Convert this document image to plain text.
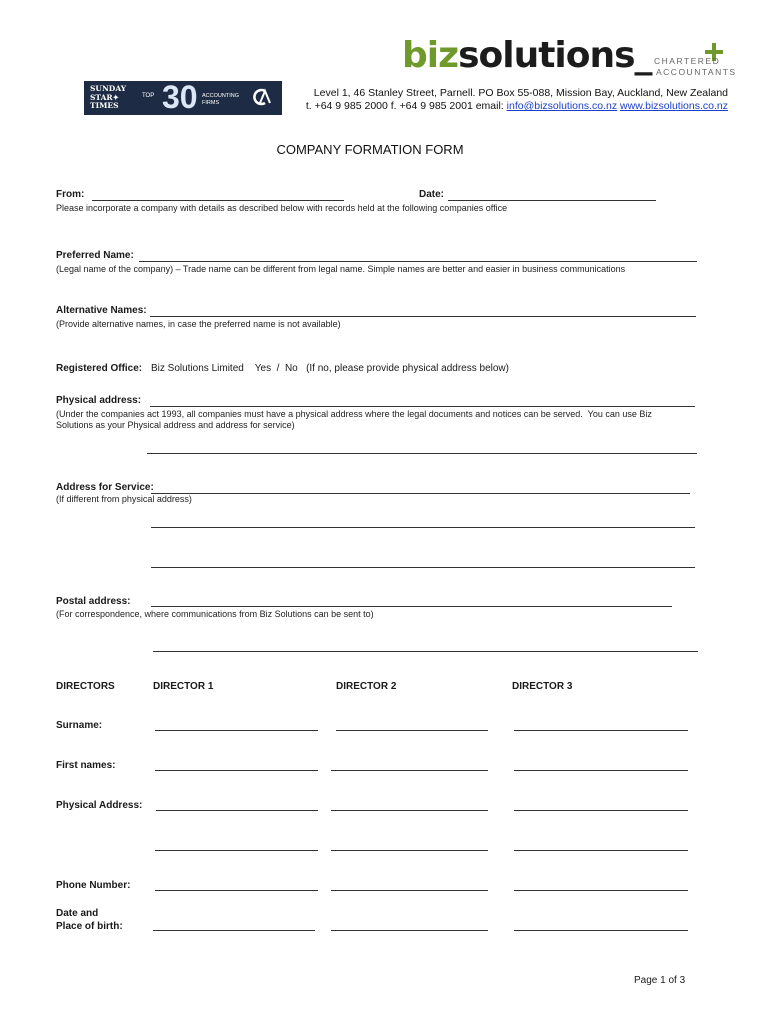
bizsolutions_ CHARTERED
ACCOUNTANTS
SUNDAY STAR✦ TIMES
TOP 30 ACCOUNTING FIRMS
Level 1, 46 Stanley Street, Parnell. PO Box 55-088, Mission Bay, Auckland, New Zealand
t. +64 9 985 2000 f. +64 9 985 2001 email: info@bizsolutions.co.nz www.bizsolutions.co.nz
COMPANY FORMATION FORM
From:	Date:
Please incorporate a company with details as described below with records held at the following companies office
Preferred Name:
(Legal name of the company) – Trade name can be different from legal name. Simple names are better and easier in business communications
Alternative Names:
(Provide alternative names, in case the preferred name is not available)
Registered Office: Biz Solutions Limited    Yes  /  No   (If no, please provide physical address below)
Physical address:
(Under the companies act 1993, all companies must have a physical address where the legal documents and notices can be served.  You can use Biz
Solutions as your Physical address and address for service)
Address for Service:
(If different from physical address)
Postal address:
(For correspondence, where communications from Biz Solutions can be sent to)
DIRECTORS	DIRECTOR 1	DIRECTOR 2	DIRECTOR 3
Surname:
First names:
Physical Address:
Phone Number:
Date and
Place of birth:
Page 1 of 3
